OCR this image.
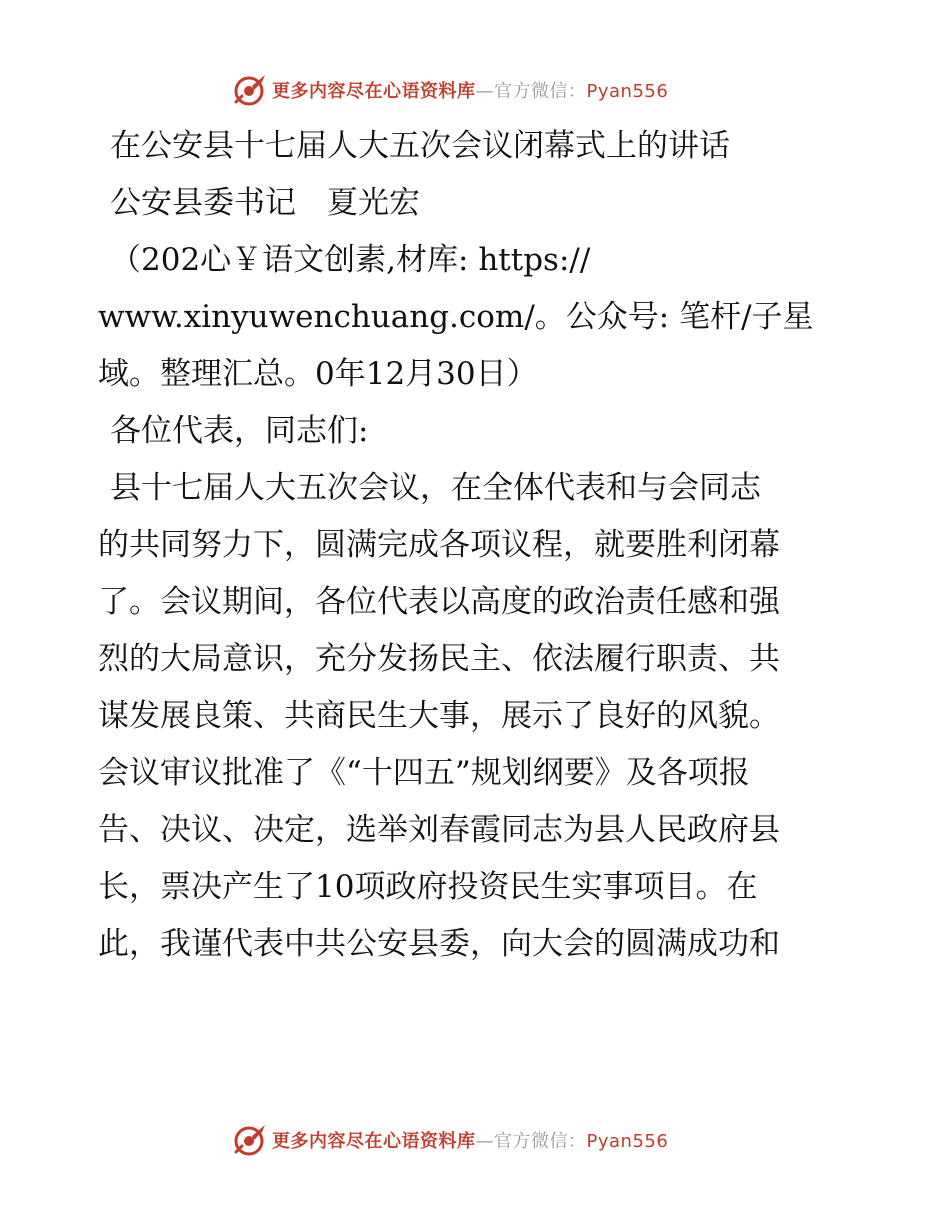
更多内容尽在心语资料库—官方微信：Pyan556
在公安县十七届人大五次会议闭幕式上的讲话
公安县委书记　夏光宏
（202心￥语文创素,材库: https://
www.xinyuwenchuang.com/。公众号: 笔杆/子星
域。整理汇总。0年12月30日）
各位代表，同志们:
县十七届人大五次会议，在全体代表和与会同志
的共同努力下，圆满完成各项议程，就要胜利闭幕
了。会议期间，各位代表以高度的政治责任感和强
烈的大局意识，充分发扬民主、依法履行职责、共
谋发展良策、共商民生大事，展示了良好的风貌。
会议审议批准了《“十四五”规划纲要》及各项报
告、决议、决定，选举刘春霞同志为县人民政府县
长，票决产生了10项政府投资民生实事项目。在
此，我谨代表中共公安县委，向大会的圆满成功和
更多内容尽在心语资料库—官方微信：Pyan556
